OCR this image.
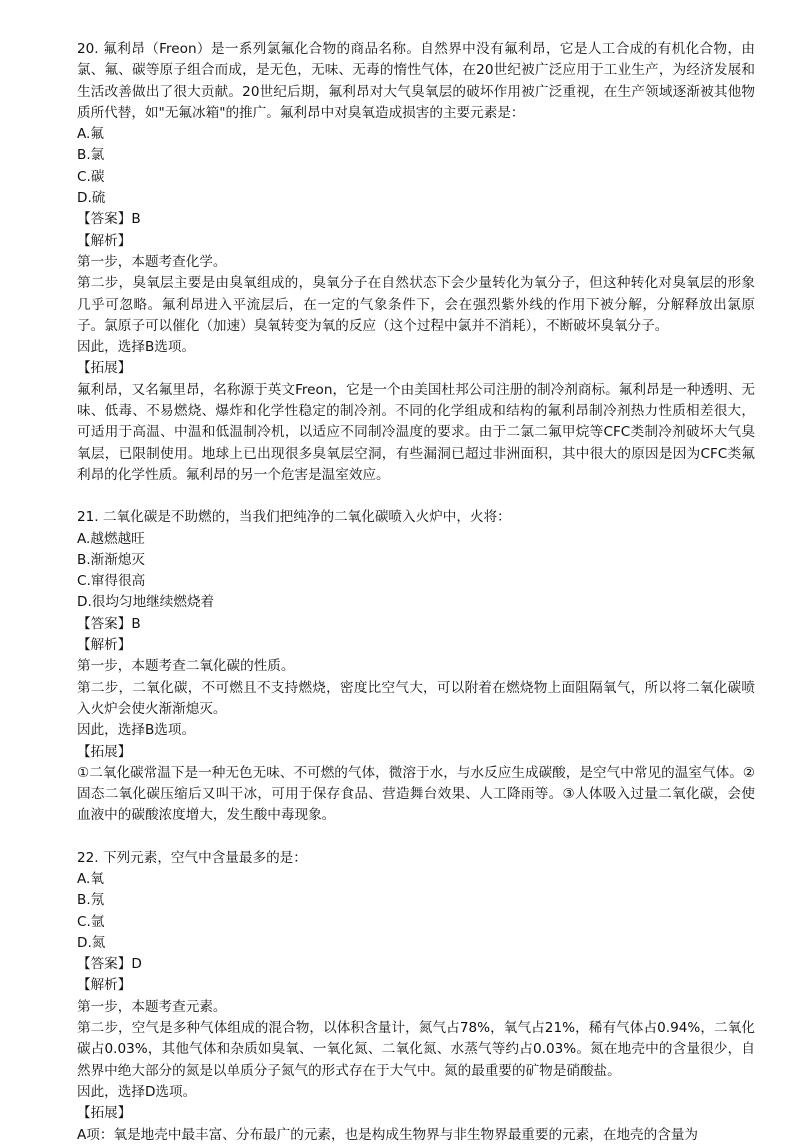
20. 氟利昂（Freon）是一系列氯氟化合物的商品名称。自然界中没有氟利昂，它是人工合成的有机化合物，由氯、氟、碳等原子组合而成，是无色，无味、无毒的惰性气体，在20世纪被广泛应用于工业生产，为经济发展和生活改善做出了很大贡献。20世纪后期，氟利昂对大气臭氧层的破坏作用被广泛重视，在生产领域逐渐被其他物质所代替，如"无氟冰箱"的推广。氟利昂中对臭氧造成损害的主要元素是：

A.氟

B.氯

C.碳

D.硫

【答案】B

【解析】

第一步，本题考查化学。

第二步，臭氧层主要是由臭氧组成的，臭氧分子在自然状态下会少量转化为氧分子，但这种转化对臭氧层的形象几乎可忽略。氟利昂进入平流层后，在一定的气象条件下，会在强烈紫外线的作用下被分解，分解释放出氯原子。氯原子可以催化（加速）臭氧转变为氧的反应（这个过程中氯并不消耗），不断破坏臭氧分子。

因此，选择B选项。

【拓展】

氟利昂，又名氟里昂，名称源于英文Freon，它是一个由美国杜邦公司注册的制冷剂商标。氟利昂是一种透明、无味、低毒、不易燃烧、爆炸和化学性稳定的制冷剂。不同的化学组成和结构的氟利昂制冷剂热力性质相差很大，可适用于高温、中温和低温制冷机，以适应不同制冷温度的要求。由于二氯二氟甲烷等CFC类制冷剂破坏大气臭氧层，已限制使用。地球上已出现很多臭氧层空洞，有些漏洞已超过非洲面积，其中很大的原因是因为CFC类氟利昂的化学性质。氟利昂的另一个危害是温室效应。

21. 二氧化碳是不助燃的，当我们把纯净的二氧化碳喷入火炉中，火将：

A.越燃越旺

B.渐渐熄灭

C.窜得很高

D.很均匀地继续燃烧着

【答案】B

【解析】

第一步，本题考查二氧化碳的性质。

第二步，二氧化碳，不可燃且不支持燃烧，密度比空气大，可以附着在燃烧物上面阻隔氧气，所以将二氧化碳喷入火炉会使火渐渐熄灭。

因此，选择B选项。

【拓展】

①二氧化碳常温下是一种无色无味、不可燃的气体，微溶于水，与水反应生成碳酸，是空气中常见的温室气体。②固态二氧化碳压缩后又叫干冰，可用于保存食品、营造舞台效果、人工降雨等。③人体吸入过量二氧化碳，会使血液中的碳酸浓度增大，发生酸中毒现象。

22. 下列元素，空气中含量最多的是：

A.氧

B.氖

C.氩

D.氮

【答案】D

【解析】

第一步，本题考查元素。

第二步，空气是多种气体组成的混合物，以体积含量计，氮气占78%，氧气占21%，稀有气体占0.94%，二氧化碳占0.03%，其他气体和杂质如臭氧、一氧化氮、二氧化氮、水蒸气等约占0.03%。氮在地壳中的含量很少，自然界中绝大部分的氮是以单质分子氮气的形式存在于大气中。氮的最重要的矿物是硝酸盐。

因此，选择D选项。

【拓展】

A项：氧是地壳中最丰富、分布最广的元素，也是构成生物界与非生物界最重要的元素，在地壳的含量为
